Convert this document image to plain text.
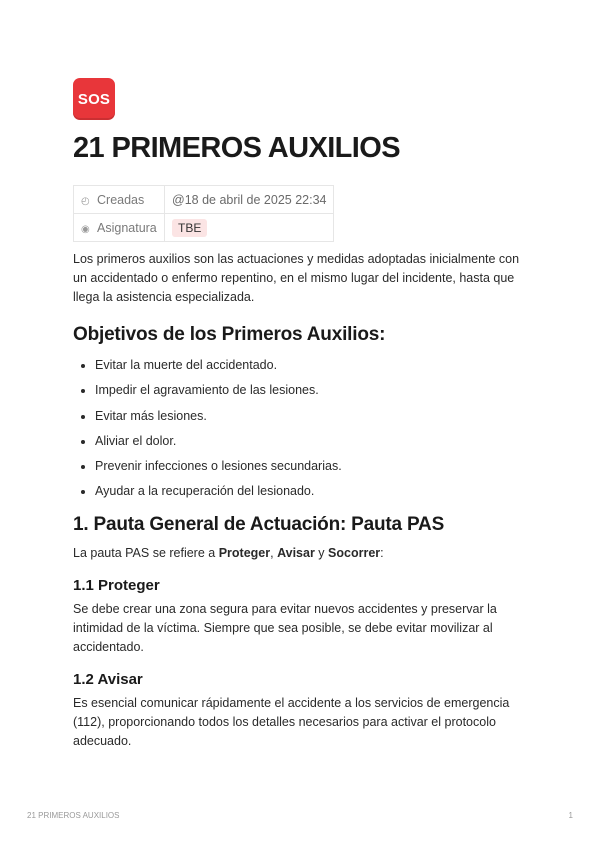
SOS
21 PRIMEROS AUXILIOS
◴ Creadas	@18 de abril de 2025 22:34
◉ Asignatura	TBE

Los primeros auxilios son las actuaciones y medidas adoptadas inicialmente con un accidentado o enfermo repentino, en el mismo lugar del incidente, hasta que llega la asistencia especializada.

Objetivos de los Primeros Auxilios:
• Evitar la muerte del accidentado.
• Impedir el agravamiento de las lesiones.
• Evitar más lesiones.
• Aliviar el dolor.
• Prevenir infecciones o lesiones secundarias.
• Ayudar a la recuperación del lesionado.
1. Pauta General de Actuación: Pauta PAS

La pauta PAS se refiere a Proteger, Avisar y Socorrer:

1.1 Proteger

Se debe crear una zona segura para evitar nuevos accidentes y preservar la intimidad de la víctima. Siempre que sea posible, se debe evitar movilizar al accidentado.

1.2 Avisar

Es esencial comunicar rápidamente el accidente a los servicios de emergencia (112), proporcionando todos los detalles necesarios para activar el protocolo adecuado.

21 PRIMEROS AUXILIOS	1
